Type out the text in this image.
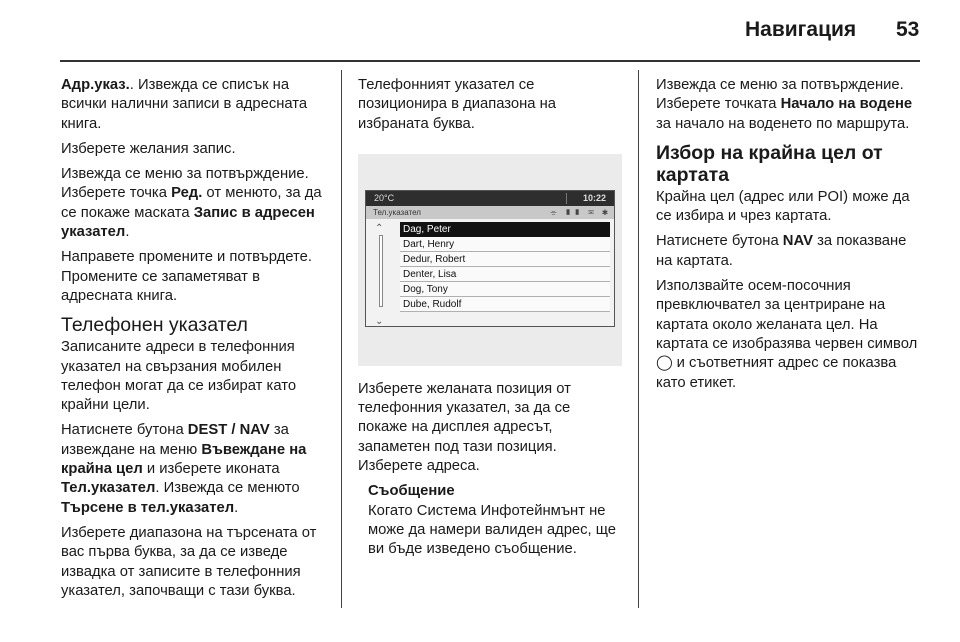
Навигация 53

Адр.указ.. Извежда се списък на всички налични записи в адресната книга.

Изберете желания запис.

Извежда се меню за потвърждение. Изберете точка Ред. от менюто, за да се покаже маската Запис в адресен указател.

Направете промените и потвърдете. Промените се запаметяват в адресната книга.

Телефонен указател

Записаните адреси в телефонния указател на свързания мобилен телефон могат да се избират като крайни цели.

Натиснете бутона DEST / NAV за извеждане на меню Въвеждане на крайна цел и изберете иконата Тел.указател. Извежда се менюто Търсене в тел.указател.

Изберете диапазона на търсената от вас първа буква, за да се изведе извадка от записите в телефонния указател, започващи с тази буква.

Телефонният указател се позиционира в диапазона на избраната буква.

20°C	10:22
Тел.указател	⌯ ▮▮ ✉ ✱
⌃
⌄
Dag, Peter
Dart, Henry
Dedur, Robert
Denter, Lisa
Dog, Tony
Dube, Rudolf

Изберете желаната позиция от телефонния указател, за да се покаже на дисплея адресът, запаметен под тази позиция. Изберете адреса.

Съобщение
Когато Система Инфотейнмънт не може да намери валиден адрес, ще ви бъде изведено съобщение.

Извежда се меню за потвърждение. Изберете точката Начало на водене за начало на воденето по маршрута.

Избор на крайна цел от картата

Крайна цел (адрес или POI) може да се избира и чрез картата.

Натиснете бутона NAV за показване на картата.

Използвайте осем-посочния превключвател за центриране на картата около желаната цел. На картата се изобразява червен символ ◯ и съответният адрес се показва като етикет.
